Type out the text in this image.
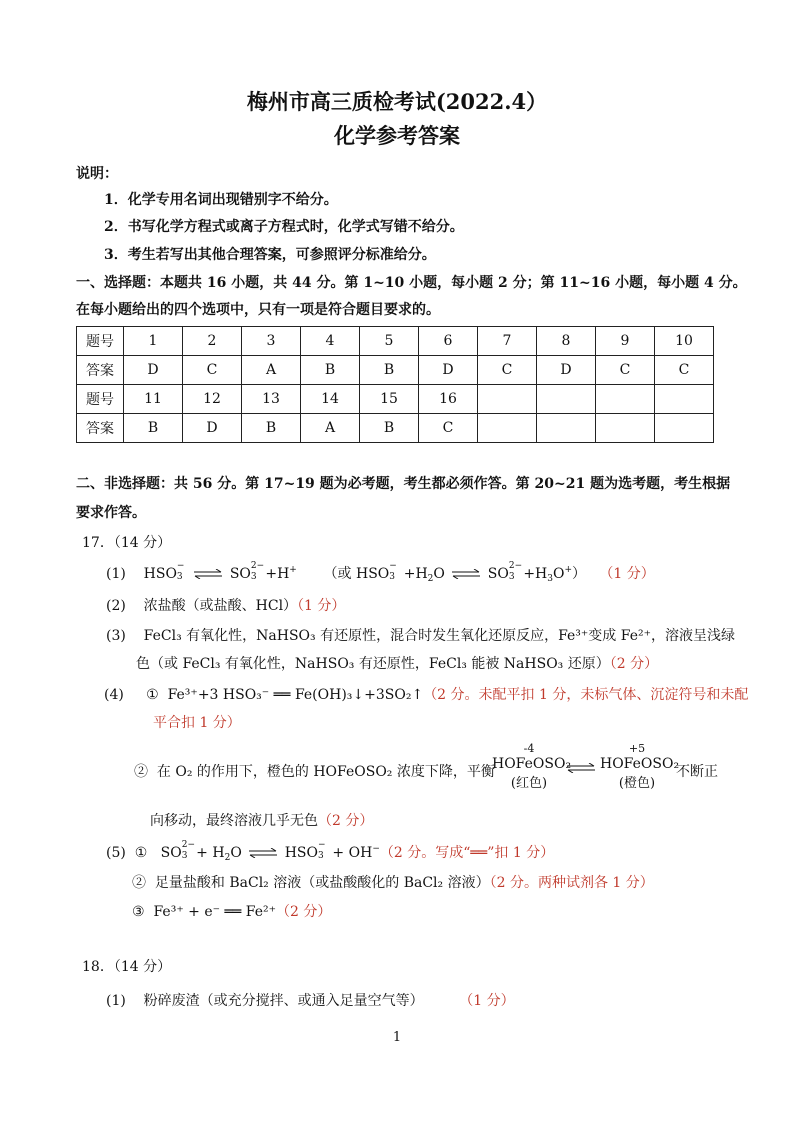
梅州市高三质检考试(2022.4）
化学参考答案
说明：
1．化学专用名词出现错别字不给分。
2．书写化学方程式或离子方程式时，化学式写错不给分。
3．考生若写出其他合理答案，可参照评分标准给分。
一、选择题：本题共 16 小题，共 44 分。第 1~10 小题，每小题 2 分；第 11~16 小题，每小题 4 分。
在每小题给出的四个选项中，只有一项是符合题目要求的。
题号	1	2	3	4	5	6	7	8	9	10
答案	D	C	A	B	B	D	C	D	C	C
题号	11	12	13	14	15	16				
答案	B	D	B	A	B	C				
二、非选择题：共 56 分。第 17~19 题为必考题，考生都必须作答。第 20~21 题为选考题，考生根据
要求作答。
17．（14 分）
(1)    HSO −
3 ⇌ SO 2−
3 +H+ （或 HSO −
$3 +H_2O$ ⇌ SO 2−
$3 +H_3O^+$）   （1 分）
(2) 浓盐酸（或盐酸、HCl）（1 分）
(3) FeCl₃ 有氧化性，NaHSO₃ 有还原性，混合时发生氧化还原反应，Fe³⁺变成 Fe²⁺，溶液呈浅绿
色（或 FeCl₃ 有氧化性，NaHSO₃ 有还原性，FeCl₃ 能被 NaHSO₃ 还原）（2 分）
(4) ① Fe³⁺+3 HSO₃⁻ ══ Fe(OH)₃↓+3SO₂↑（2 分。未配平扣 1 分，未标气体、沉淀符号和未配
平合扣 1 分）
② 在 O₂ 的作用下，橙色的 HOFeOSO₂ 浓度下降，平衡
-4
HOFeOSO₂
(红色)
+5
HOFeOSO₂
(橙色)
不断正
向移动，最终溶液几乎无色（2 分）
(5) ①   SO 2−
$3 + H_2O$ ⇌ HSO −
3 + OH−（2 分。写成“══”扣 1 分）
② 足量盐酸和 BaCl₂ 溶液（或盐酸酸化的 BaCl₂ 溶液）（2 分。两种试剂各 1 分）
③ Fe³⁺ + e⁻ ══ Fe²⁺（2 分）
18．（14 分）
(1) 粉碎废渣（或充分搅拌、或通入足量空气等）	（1 分）
1
